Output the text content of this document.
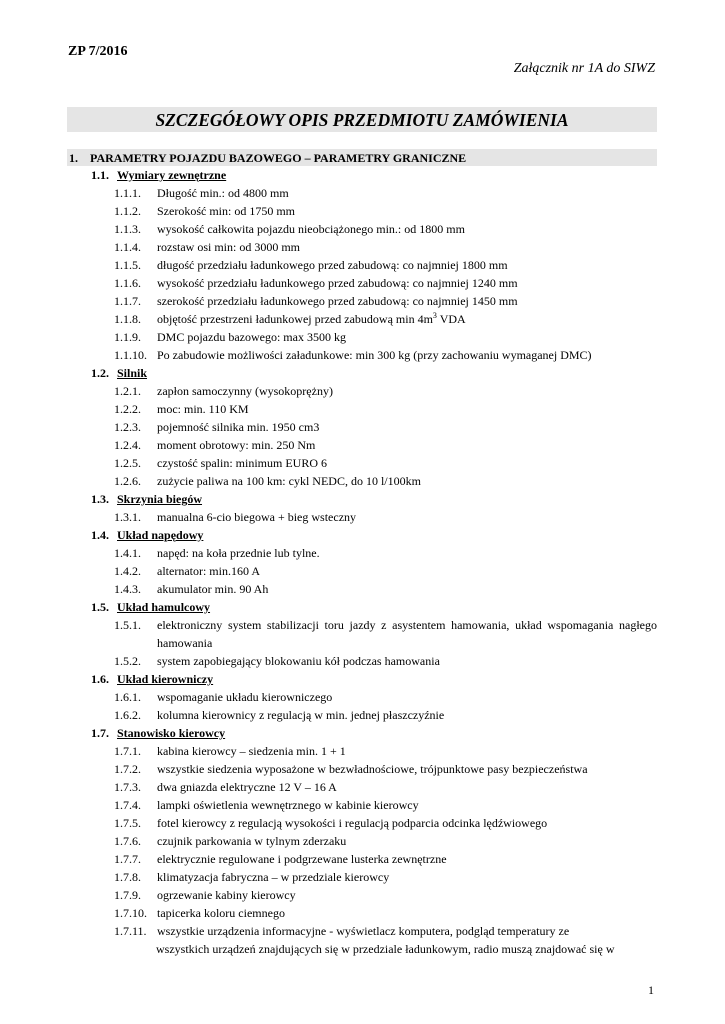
ZP 7/2016
Załącznik nr 1A do SIWZ
SZCZEGÓŁOWY OPIS PRZEDMIOTU ZAMÓWIENIA
1. PARAMETRY POJAZDU BAZOWEGO – PARAMETRY GRANICZNE
1.1. Wymiary zewnętrzne
1.1.1. Długość min.: od 4800 mm
1.1.2. Szerokość min: od 1750 mm
1.1.3. wysokość całkowita pojazdu nieobciążonego min.: od 1800 mm
1.1.4. rozstaw osi min: od 3000 mm
1.1.5. długość przedziału ładunkowego przed zabudową: co najmniej 1800 mm
1.1.6. wysokość przedziału ładunkowego przed zabudową: co najmniej 1240 mm
1.1.7. szerokość przedziału ładunkowego przed zabudową: co najmniej 1450 mm
1.1.8. objętość przestrzeni ładunkowej przed zabudową $\min 4m^3$ VDA
1.1.9. DMC pojazdu bazowego: max 3500 kg
1.1.10. Po zabudowie możliwości załadunkowe: min 300 kg (przy zachowaniu wymaganej DMC)
1.2. Silnik
1.2.1. zapłon samoczynny (wysokoprężny)
1.2.2. moc: min. 110 KM
1.2.3. pojemność silnika min. 1950 cm3
1.2.4. moment obrotowy: min. 250 Nm
1.2.5. czystość spalin: minimum EURO 6
1.2.6. zużycie paliwa na 100 km: cykl NEDC, do 10 l/100km
1.3. Skrzynia biegów
1.3.1. manualna 6-cio biegowa + bieg wsteczny
1.4. Układ napędowy
1.4.1. napęd: na koła przednie lub tylne.
1.4.2. alternator: min.160 A
1.4.3. akumulator min. 90 Ah
1.5. Układ hamulcowy
1.5.1. elektroniczny system stabilizacji toru jazdy z asystentem hamowania, układ wspomagania nagłego hamowania
1.5.2. system zapobiegający blokowaniu kół podczas hamowania
1.6. Układ kierowniczy
1.6.1. wspomaganie układu kierowniczego
1.6.2. kolumna kierownicy z regulacją w min. jednej płaszczyźnie
1.7. Stanowisko kierowcy
1.7.1. kabina kierowcy – siedzenia min. 1 + 1
1.7.2. wszystkie siedzenia wyposażone w bezwładnościowe, trójpunktowe pasy bezpieczeństwa
1.7.3. dwa gniazda elektryczne 12 V – 16 A
1.7.4. lampki oświetlenia wewnętrznego w kabinie kierowcy
1.7.5. fotel kierowcy z regulacją wysokości i regulacją podparcia odcinka lędźwiowego
1.7.6. czujnik parkowania w tylnym zderzaku
1.7.7. elektrycznie regulowane i podgrzewane lusterka zewnętrzne
1.7.8. klimatyzacja fabryczna – w przedziale kierowcy
1.7.9. ogrzewanie kabiny kierowcy
1.7.10. tapicerka koloru ciemnego
1.7.11. wszystkie urządzenia informacyjne - wyświetlacz komputera, podgląd temperatury ze
wszystkich urządzeń znajdujących się w przedziale ładunkowym, radio muszą znajdować się w
1
